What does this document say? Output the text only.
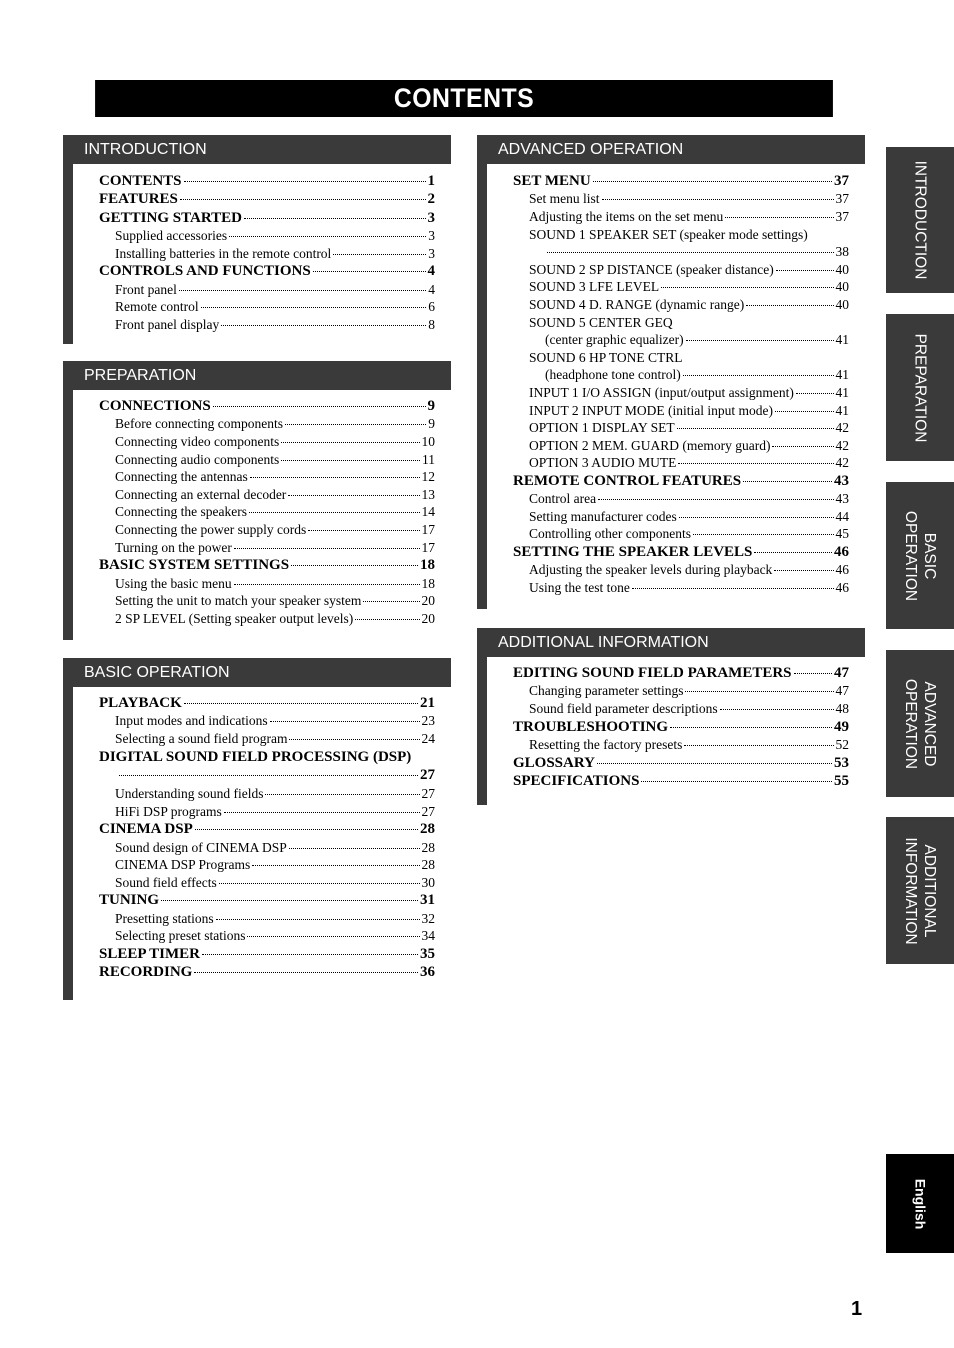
CONTENTS
INTRODUCTION
CONTENTS	1
FEATURES	2
GETTING STARTED	3
Supplied accessories	3
Installing batteries in the remote control	3
CONTROLS AND FUNCTIONS	4
Front panel	4
Remote control	6
Front panel display	8
PREPARATION
CONNECTIONS	9
Before connecting components	9
Connecting video components	10
Connecting audio components	11
Connecting the antennas	12
Connecting an external decoder	13
Connecting the speakers	14
Connecting the power supply cords	17
Turning on the power	17
BASIC SYSTEM SETTINGS	18
Using the basic menu	18
Setting the unit to match your speaker system	20
2 SP LEVEL (Setting speaker output levels)	20
BASIC OPERATION
PLAYBACK	21
Input modes and indications	23
Selecting a sound field program	24
DIGITAL SOUND FIELD PROCESSING (DSP)
27
Understanding sound fields	27
HiFi DSP programs	27
CINEMA DSP	28
Sound design of CINEMA DSP	28
CINEMA DSP Programs	28
Sound field effects	30
TUNING	31
Presetting stations	32
Selecting preset stations	34
SLEEP TIMER	35
RECORDING	36
ADVANCED OPERATION
SET MENU	37
Set menu list	37
Adjusting the items on the set menu	37
SOUND 1 SPEAKER SET (speaker mode settings)
38
SOUND 2 SP DISTANCE (speaker distance)	40
SOUND 3 LFE LEVEL	40
SOUND 4 D. RANGE (dynamic range)	40
SOUND 5 CENTER GEQ
(center graphic equalizer)	41
SOUND 6 HP TONE CTRL
(headphone tone control)	41
INPUT 1 I/O ASSIGN (input/output assignment)	41
INPUT 2 INPUT MODE (initial input mode)	41
OPTION 1 DISPLAY SET	42
OPTION 2 MEM. GUARD (memory guard)	42
OPTION 3 AUDIO MUTE	42
REMOTE CONTROL FEATURES	43
Control area	43
Setting manufacturer codes	44
Controlling other components	45
SETTING THE SPEAKER LEVELS	46
Adjusting the speaker levels during playback	46
Using the test tone	46
ADDITIONAL INFORMATION
EDITING SOUND FIELD PARAMETERS	47
Changing parameter settings	47
Sound field parameter descriptions	48
TROUBLESHOOTING	49
Resetting the factory presets	52
GLOSSARY	53
SPECIFICATIONS	55
INTRODUCTION
PREPARATION
BASIC
OPERATION
ADVANCED
OPERATION
ADDITIONAL
INFORMATION
English
1
